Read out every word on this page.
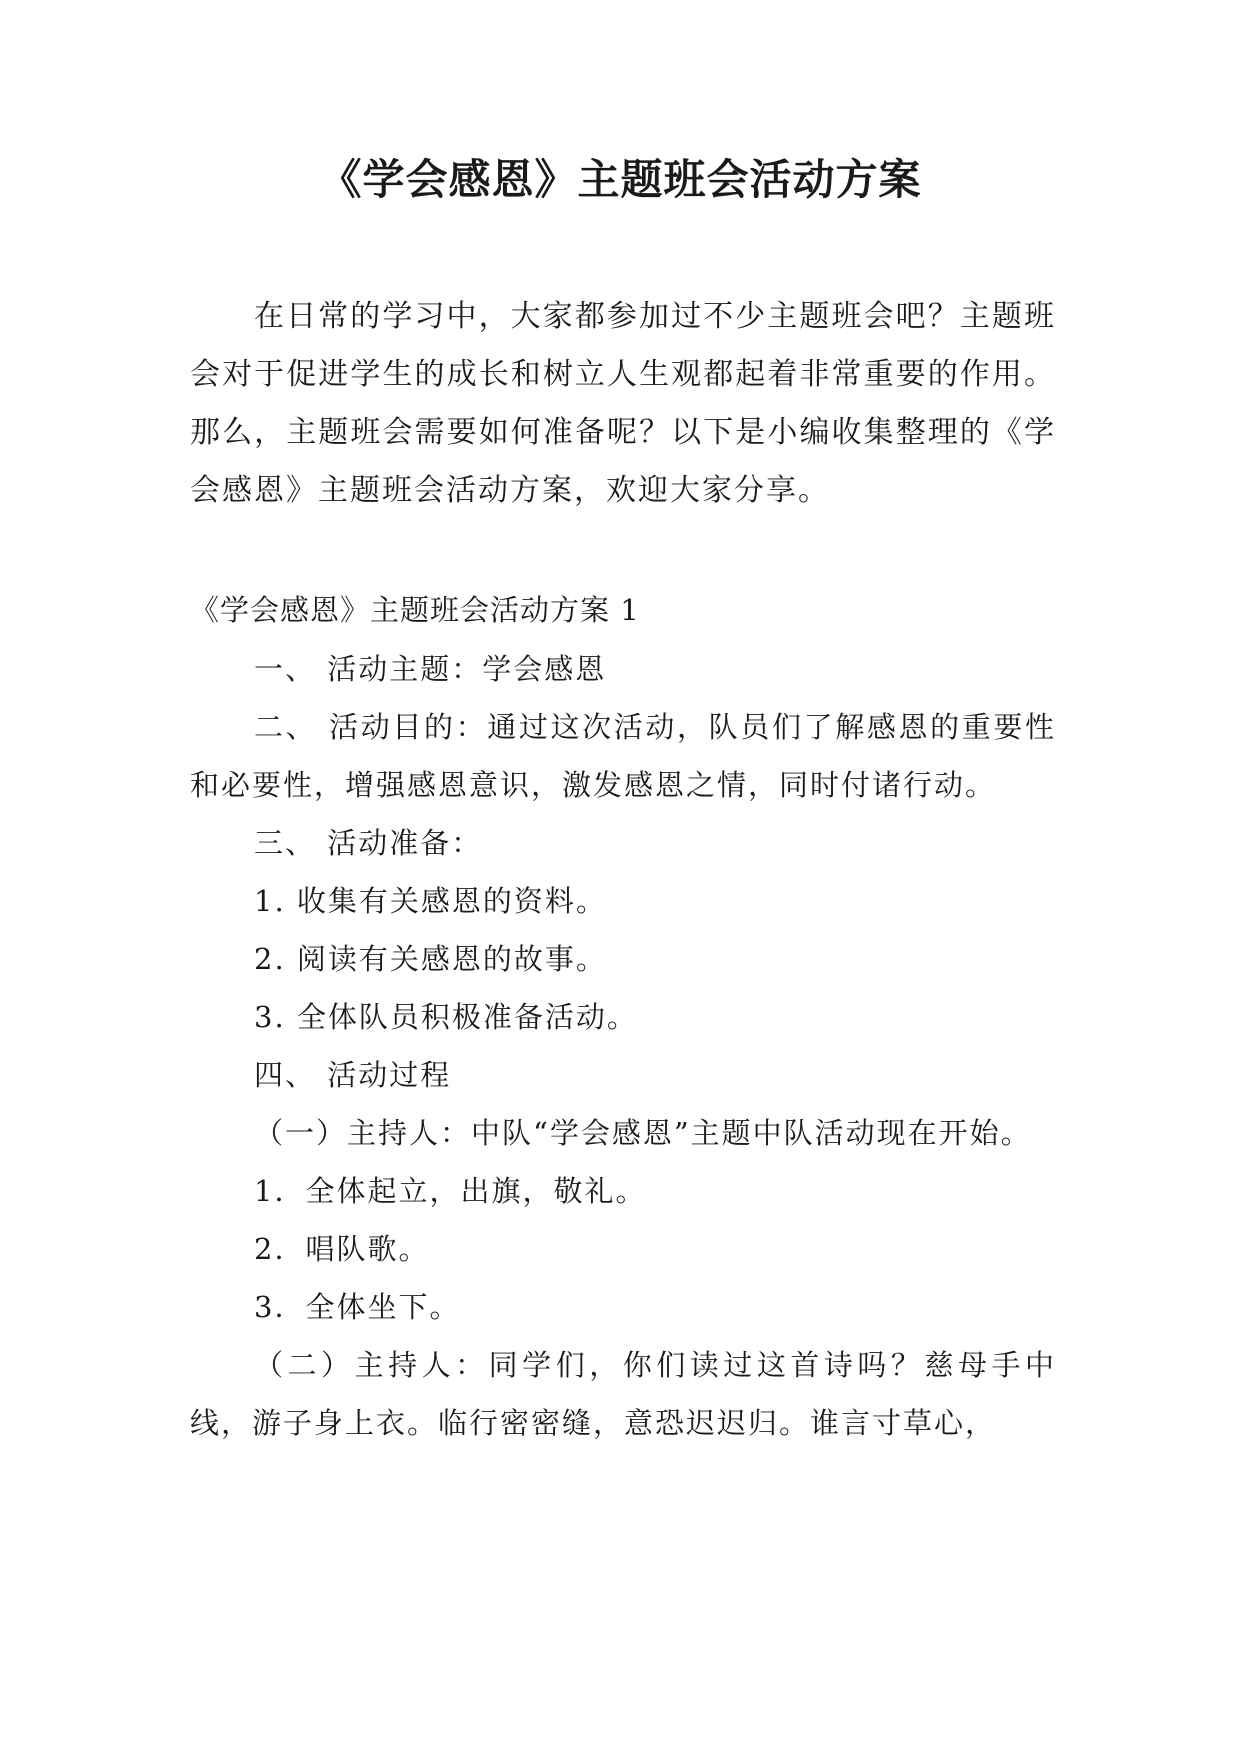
《学会感恩》主题班会活动方案

在日常的学习中，大家都参加过不少主题班会吧？主题班会对于促进学生的成长和树立人生观都起着非常重要的作用。那么，主题班会需要如何准备呢？以下是小编收集整理的《学会感恩》主题班会活动方案，欢迎大家分享。

《学会感恩》主题班会活动方案 1

一、 活动主题：学会感恩

二、 活动目的：通过这次活动，队员们了解感恩的重要性和必要性，增强感恩意识，激发感恩之情，同时付诸行动。

三、 活动准备：

1. 收集有关感恩的资料。

2. 阅读有关感恩的故事。

3. 全体队员积极准备活动。

四、 活动过程

（一）主持人：中队“学会感恩”主题中队活动现在开始。

1．全体起立，出旗，敬礼。

2．唱队歌。

3．全体坐下。

（二）主持人：同学们，你们读过这首诗吗？慈母手中线，游子身上衣。临行密密缝，意恐迟迟归。谁言寸草心，
